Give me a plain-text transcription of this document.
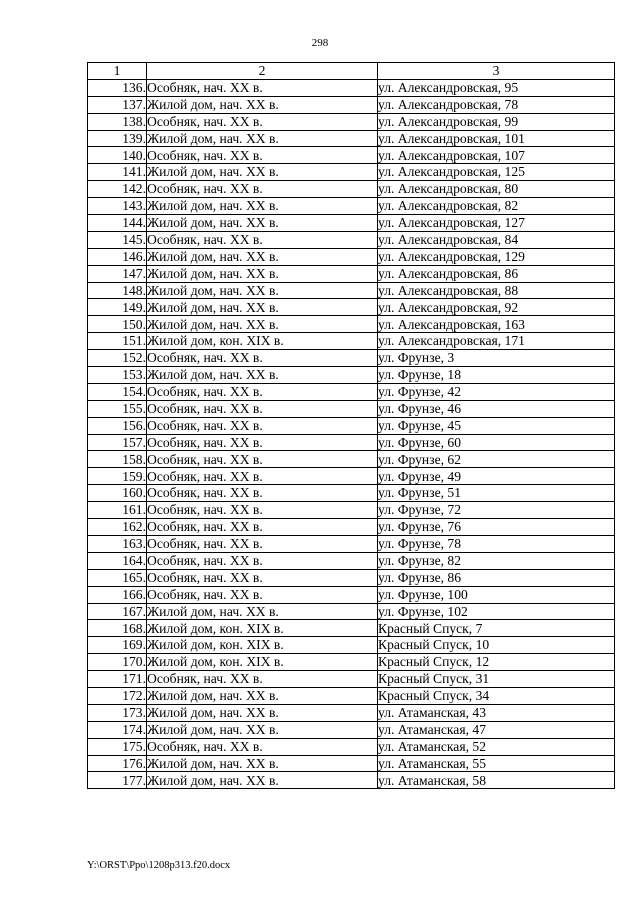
298
1	2	3
136.	Особняк, нач. XX в.	ул. Александровская, 95
137.	Жилой дом, нач. XX в.	ул. Александровская, 78
138.	Особняк, нач. XX в.	ул. Александровская, 99
139.	Жилой дом, нач. XX в.	ул. Александровская, 101
140.	Особняк, нач. XX в.	ул. Александровская, 107
141.	Жилой дом, нач. XX в.	ул. Александровская, 125
142.	Особняк, нач. XX в.	ул. Александровская, 80
143.	Жилой дом, нач. XX в.	ул. Александровская, 82
144.	Жилой дом, нач. XX в.	ул. Александровская, 127
145.	Особняк, нач. XX в.	ул. Александровская, 84
146.	Жилой дом, нач. XX в.	ул. Александровская, 129
147.	Жилой дом, нач. XX в.	ул. Александровская, 86
148.	Жилой дом, нач. XX в.	ул. Александровская, 88
149.	Жилой дом, нач. XX в.	ул. Александровская, 92
150.	Жилой дом, нач. XX в.	ул. Александровская, 163
151.	Жилой дом, кон. XIX в.	ул. Александровская, 171
152.	Особняк, нач. XX в.	ул. Фрунзе, 3
153.	Жилой дом, нач. XX в.	ул. Фрунзе, 18
154.	Особняк, нач. XX в.	ул. Фрунзе, 42
155.	Особняк, нач. XX в.	ул. Фрунзе, 46
156.	Особняк, нач. XX в.	ул. Фрунзе, 45
157.	Особняк, нач. XX в.	ул. Фрунзе, 60
158.	Особняк, нач. XX в.	ул. Фрунзе, 62
159.	Особняк, нач. XX в.	ул. Фрунзе, 49
160.	Особняк, нач. XX в.	ул. Фрунзе, 51
161.	Особняк, нач. XX в.	ул. Фрунзе, 72
162.	Особняк, нач. XX в.	ул. Фрунзе, 76
163.	Особняк, нач. XX в.	ул. Фрунзе, 78
164.	Особняк, нач. XX в.	ул. Фрунзе, 82
165.	Особняк, нач. XX в.	ул. Фрунзе, 86
166.	Особняк, нач. XX в.	ул. Фрунзе, 100
167.	Жилой дом, нач. XX в.	ул. Фрунзе, 102
168.	Жилой дом, кон. XIX в.	Красный Спуск, 7
169.	Жилой дом, кон. XIX в.	Красный Спуск, 10
170.	Жилой дом, кон. XIX в.	Красный Спуск, 12
171.	Особняк, нач. XX в.	Красный Спуск, 31
172.	Жилой дом, нач. XX в.	Красный Спуск, 34
173.	Жилой дом, нач. XX в.	ул. Атаманская, 43
174.	Жилой дом, нач. XX в.	ул. Атаманская, 47
175.	Особняк, нач. XX в.	ул. Атаманская, 52
176.	Жилой дом, нач. XX в.	ул. Атаманская, 55
177.	Жилой дом, нач. XX в.	ул. Атаманская, 58
Y:\ORST\Ppo\1208p313.f20.docx
